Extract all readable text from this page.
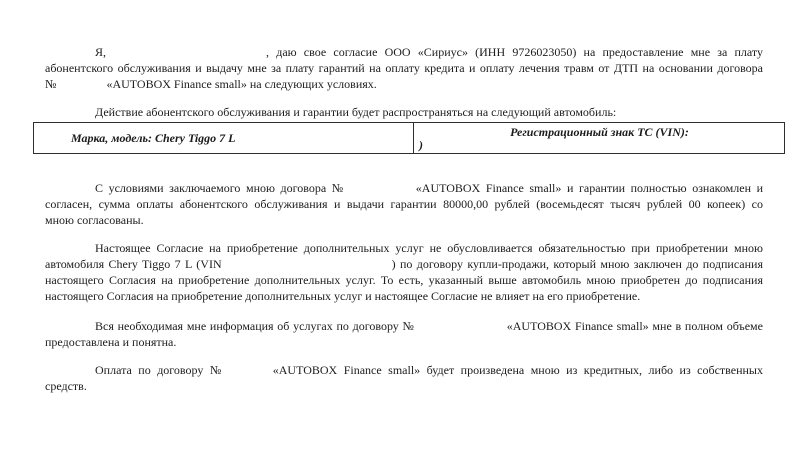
Я,	, даю свое согласие ООО «Сириус» (ИНН 9726023050) на предоставление мне за плату
абонентского обслуживания и выдачу мне за плату гарантий на оплату кредита и оплату лечения травм от ДТП на основании договора
№	«AUTOBOX Finance small» на следующих условиях.
Действие абонентского обслуживания и гарантии будет распространяться на следующий автомобиль:
Марка, модель: Chery Tiggo 7 L	Регистрационный знак ТС (VIN):
)
С условиями заключаемого мною договора №	«AUTOBOX Finance small» и гарантии полностью ознакомлен и
согласен, сумма оплаты абонентского обслуживания и выдачи гарантии 80000,00 рублей (восемьдесят тысяч рублей 00 копеек) со
мною согласованы.
Настоящее Согласие на приобретение дополнительных услуг не обусловливается обязательностью при приобретении мною
автомобиля Chery Tiggo 7 L (VIN	) по договору купли-продажи, который мною заключен до подписания
настоящего Согласия на приобретение дополнительных услуг. То есть, указанный выше автомобиль мною приобретен до подписания
настоящего Согласия на приобретение дополнительных услуг и настоящее Согласие не влияет на его приобретение.
Вся необходимая мне информация об услугах по договору №	«AUTOBOX Finance small» мне в полном объеме
предоставлена и понятна.
Оплата по договору №	«AUTOBOX Finance small» будет произведена мною из кредитных, либо из собственных
средств.
